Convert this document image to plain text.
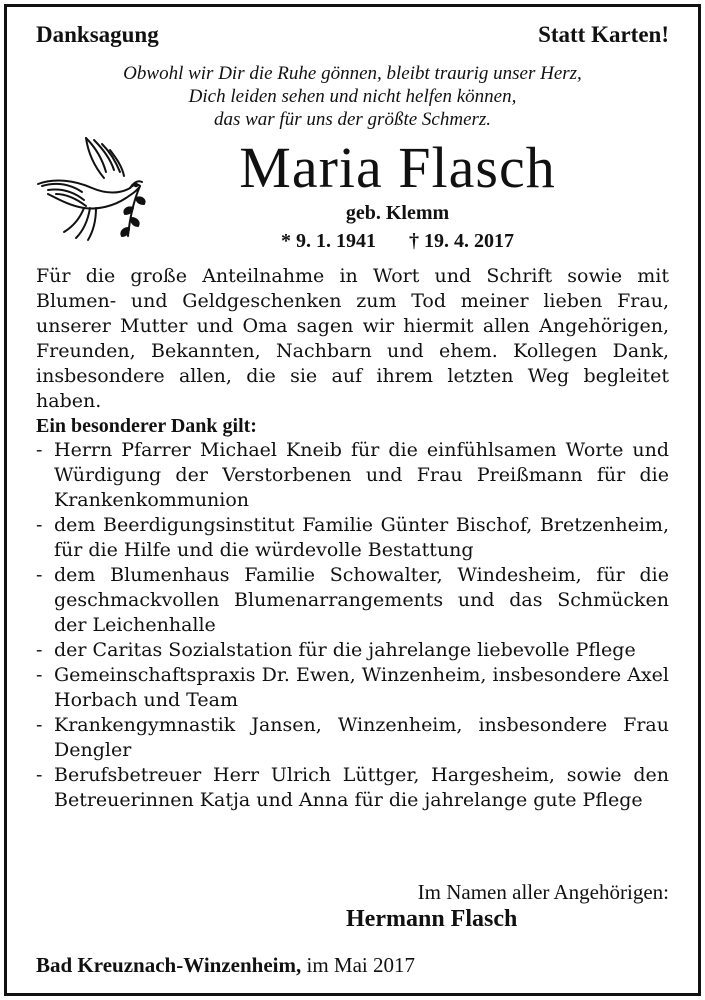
Danksagung	Statt Karten!
Obwohl wir Dir die Ruhe gönnen, bleibt traurig unser Herz,
Dich leiden sehen und nicht helfen können,
das war für uns der größte Schmerz.
Maria Flasch
geb. Klemm
* 9. 1. 1941 † 19. 4. 2017

Für die große Anteilnahme in Wort und Schrift sowie mit Blumen- und Geldgeschenken zum Tod meiner lieben Frau, unserer Mutter und Oma sagen wir hiermit allen Angehörigen, Freunden, Bekannten, Nachbarn und ehem. Kollegen Dank, insbesondere allen, die sie auf ihrem letzten Weg begleitet haben.

Ein besonderer Dank gilt:

- Herrn Pfarrer Michael Kneib für die einfühlsamen Worte und Würdigung der Verstorbenen und Frau Preißmann für die Krankenkommunion
- dem Beerdigungsinstitut Familie Günter Bischof, Bretzenheim, für die Hilfe und die würdevolle Bestattung
- dem Blumenhaus Familie Schowalter, Windesheim, für die geschmackvollen Blumenarrangements und das Schmücken der Leichenhalle
- der Caritas Sozialstation für die jahrelange liebevolle Pflege
- Gemeinschaftspraxis Dr. Ewen, Winzenheim, insbesondere Axel Horbach und Team
- Krankengymnastik Jansen, Winzenheim, insbesondere Frau Dengler
- Berufsbetreuer Herr Ulrich Lüttger, Hargesheim, sowie den Betreuerinnen Katja und Anna für die jahrelange gute Pflege
Im Namen aller Angehörigen:
Hermann Flasch
Bad Kreuznach-Winzenheim, im Mai 2017
